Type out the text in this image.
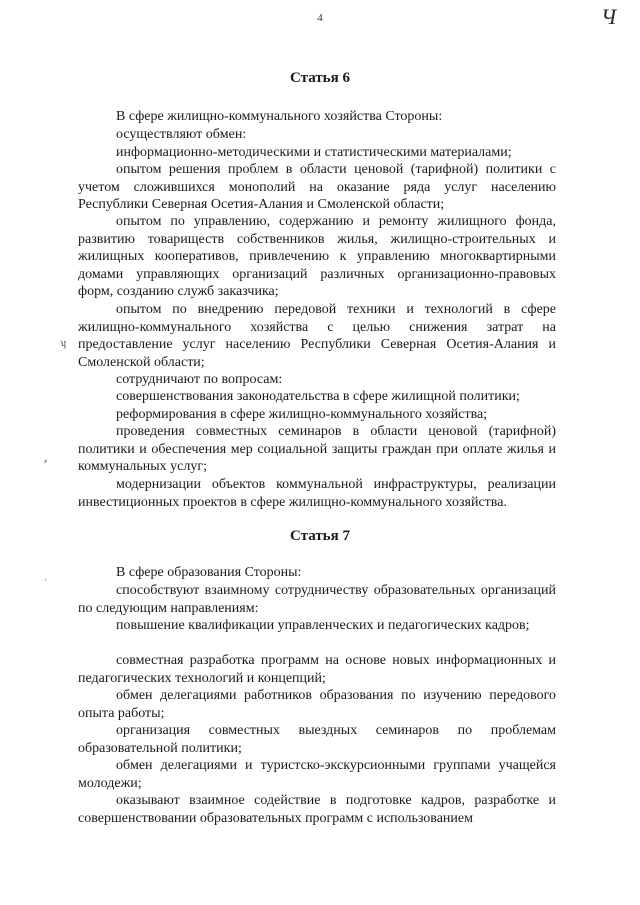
4	Ч
ʮ
⸗
ʾ
Статья 6

В сфере жилищно-коммунального хозяйства Стороны:

осуществляют обмен:

информационно-методическими и статистическими материалами;

опытом решения проблем в области ценовой (тарифной) политики с учетом сложившихся монополий на оказание ряда услуг населению Республики Северная Осетия-Алания и Смоленской области;

опытом по управлению, содержанию и ремонту жилищного фонда, развитию товариществ собственников жилья, жилищно-строительных и жилищных кооперативов, привлечению к управлению многоквартирными домами управляющих организаций различных организационно-правовых форм, созданию служб заказчика;

опытом по внедрению передовой техники и технологий в сфере жилищно-коммунального хозяйства с целью снижения затрат на предоставление услуг населению Республики Северная Осетия-Алания и Смоленской области;

сотрудничают по вопросам:

совершенствования законодательства в сфере жилищной политики;

реформирования в сфере жилищно-коммунального хозяйства;

проведения совместных семинаров в области ценовой (тарифной) политики и обеспечения мер социальной защиты граждан при оплате жилья и коммунальных услуг;

модернизации объектов коммунальной инфраструктуры, реализации инвестиционных проектов в сфере жилищно-коммунального хозяйства.

Статья 7

В сфере образования Стороны:

способствуют взаимному сотрудничеству образовательных организаций по следующим направлениям:

повышение квалификации управленческих и педагогических кадров;

совместная разработка программ на основе новых информационных и педагогических технологий и концепций;

обмен делегациями работников образования по изучению передового опыта работы;

организация совместных выездных семинаров по проблемам образовательной политики;

обмен делегациями и туристско-экскурсионными группами учащейся молодежи;

оказывают взаимное содействие в подготовке кадров, разработке и совершенствовании образовательных программ с использованием
